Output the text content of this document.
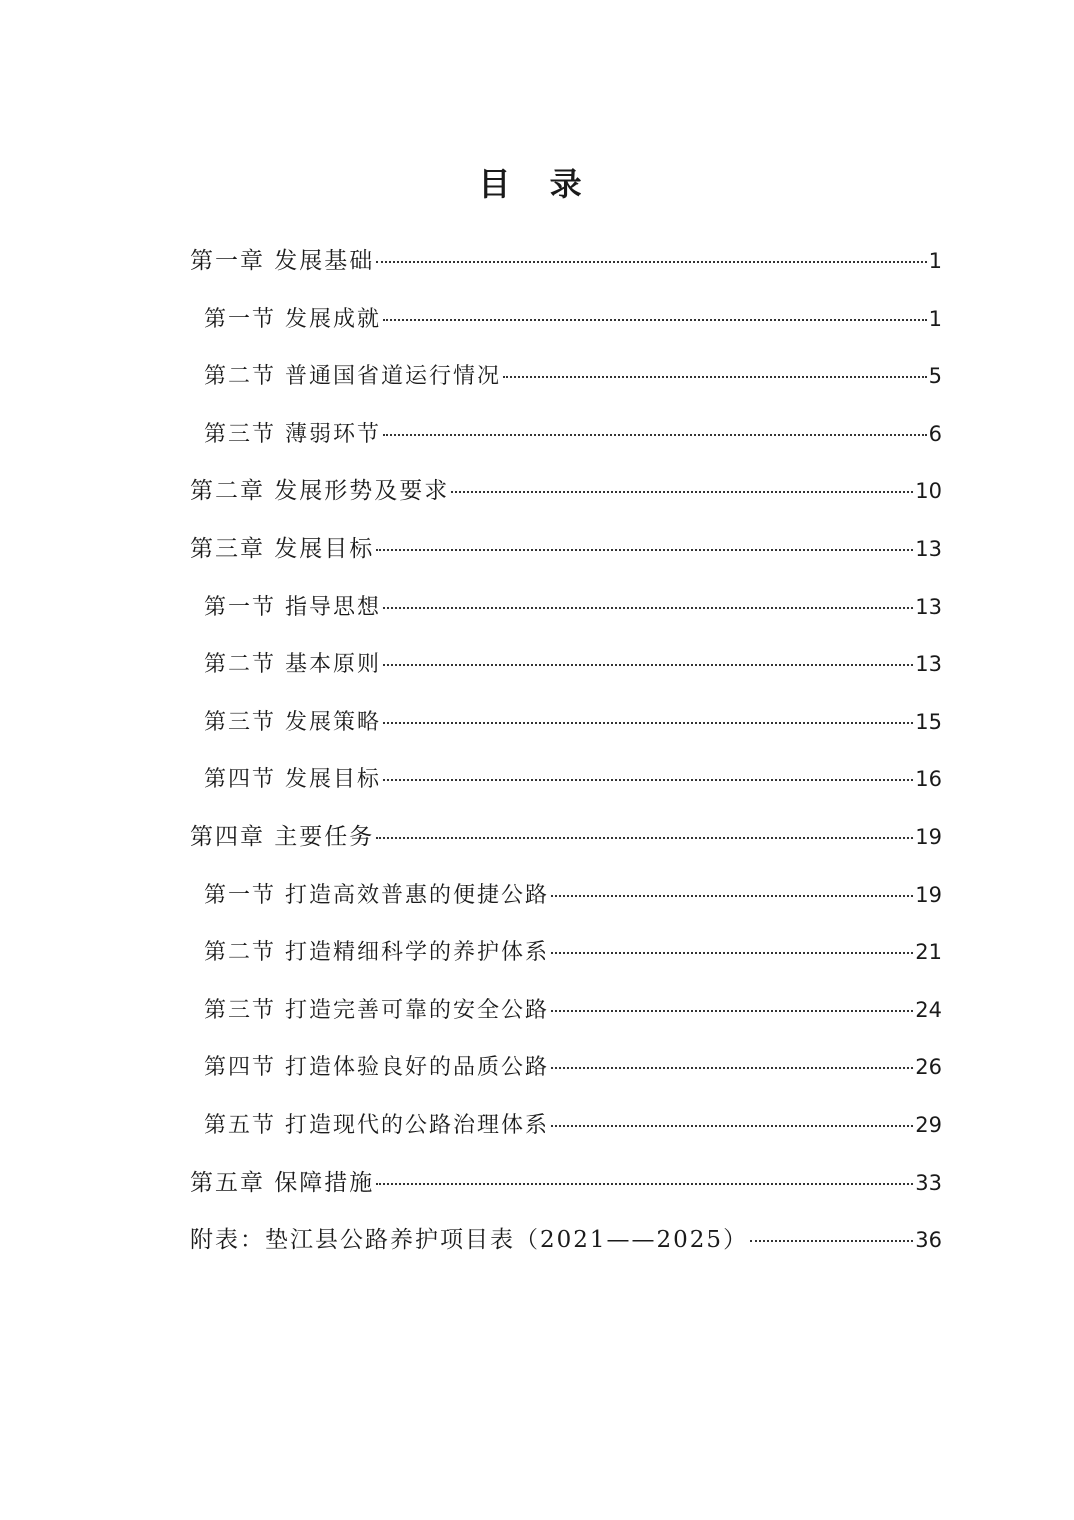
目 录
第一章 发展基础	1
第一节 发展成就	1
第二节 普通国省道运行情况	5
第三节 薄弱环节	6
第二章 发展形势及要求	10
第三章 发展目标	13
第一节 指导思想	13
第二节 基本原则	13
第三节 发展策略	15
第四节 发展目标	16
第四章 主要任务	19
第一节 打造高效普惠的便捷公路	19
第二节 打造精细科学的养护体系	21
第三节 打造完善可靠的安全公路	24
第四节 打造体验良好的品质公路	26
第五节 打造现代的公路治理体系	29
第五章 保障措施	33
附表：垫江县公路养护项目表（2021——2025）	36
